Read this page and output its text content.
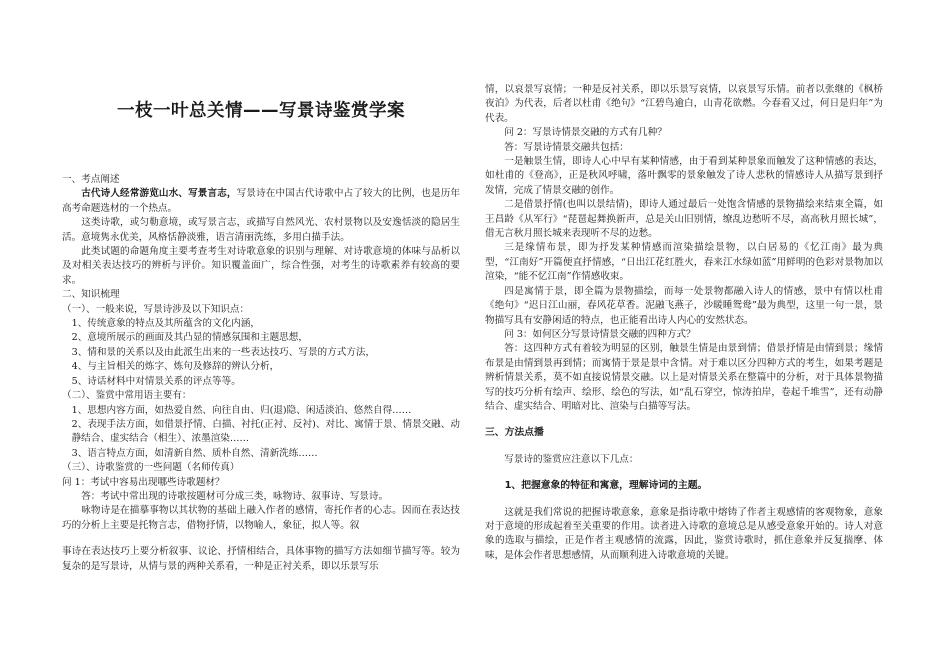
一枝一叶总关情——写景诗鉴赏学案

一、考点阐述

古代诗人经常游览山水、写景言志，写景诗在中国古代诗歌中占了较大的比例，也是历年高考命题选材的一个热点。

这类诗歌，或匀勒意境，或写景言志，或描写自然风光、农村景物以及安逸恬淡的隐居生活。意境隽永优美，风格恬静淡雅，语言清丽洗练，多用白描手法。

此类试题的命题角度主要考查考生对诗歌意象的识别与理解、对诗歌意境的体味与品析以及对相关表达技巧的辨析与评价。知识覆盖面广，综合性强，对考生的诗歌素养有较高的要求。

二、知识梳理

（一）、一般来说，写景诗涉及以下知识点：

1、传统意象的特点及其所蕴含的文化内涵，

2、意境所展示的画面及其凸显的情感氛围和主题思想，

3、情和景的关系以及由此派生出来的一些表达技巧、写景的方式方法，

4、与主旨相关的炼字、炼句及修辞的辨认分析，

5、诗话材料中对情景关系的评点等等。

（二）、鉴赏中常用语主要有：

1、思想内容方面，如热爱自然、向往自由、归(退)隐、闲适淡泊、悠然自得……

2、表现手法方面，如借景抒情、白描、衬托(正衬、反衬)、对比、寓情于景、情景交融、动静结合、虚实结合（相生）、浓墨渲染……

3、语言特点方面，如清新自然、质朴自然、清新洗练……

（三）、诗歌鉴赏的一些问题（名师传真）

问 1：考试中容易出现哪些诗歌题材？

答：考试中常出现的诗歌按题材可分成三类，咏物诗、叙事诗、写景诗。

咏物诗是在描摹事物以其状物的基础上融入作者的感情，寄托作者的心志。因而在表达技巧的分析上主要是托物言志，借物抒情，以物喻人，象征，拟人等。叙

事诗在表达技巧上要分析叙事、议论、抒情相结合，具体事物的描写方法如细节描写等。较为复杂的是写景诗，从情与景的两种关系看，一种是正衬关系，即以乐景写乐

情，以哀景写哀情；一种是反衬关系，即以乐景写哀情，以哀景写乐情。前者以张继的《枫桥夜泊》为代表，后者以杜甫《绝句》“江碧鸟逾白，山青花欲燃。今春看又过，何日是归年”为代表。

问 2：写景诗情景交融的方式有几种？

答：写景诗情景交融共包括：

一是触景生情，即诗人心中早有某种情感，由于看到某种景象而触发了这种情感的表达，如杜甫的《登高》，正是秋风呼啸，落叶飘零的景象触发了诗人悲秋的情感诗人从描写景到抒发情，完成了情景交融的创作。

二是借景抒情(也叫以景结情)，即诗人通过最后一处饱含情感的景物描绘来结束全篇，如王昌龄《从军行》“琵琶起舞换新声，总是关山旧别情，缭乱边愁听不尽，高高秋月照长城”，借无言秋月照长城来表现听不尽的边愁。

三是缘情布景，即为抒发某种情感而渲染描绘景物，以白居易的《忆江南》最为典型，“江南好”开篇便直抒情感，“日出江花红胜火，春来江水绿如蓝”用鲜明的色彩对景物加以渲染，“能不忆江南”作情感收束。

四是寓情于景，即全篇为景物描绘，而每一处景物都融入诗人的情感，景中有情以杜甫《绝句》“迟日江山丽，春风花草香。泥融飞燕子，沙暖睡鸳鸯”最为典型，这里一句一景，景物描写具有安静闲适的特点，也正能看出诗人内心的安然状态。

问 3：如何区分写景诗情景交融的四种方式？

答：这四种方式有着较为明显的区别，触景生情是由景到情；借景抒情是由情到景；缘情布景是由情到景再到情；而寓情于景是景中含情。对于难以区分四种方式的考生，如果考题是辨析情景关系，莫不如直接说情景交融。以上是对情景关系在整篇中的分析，对于具体景物描写的技巧分析有绘声、绘形、绘色的写法，如“乱石穿空，惊涛拍岸，卷起千堆雪”，还有动静结合、虚实结合、明暗对比、渲染与白描等写法。

三、方法点播

写景诗的鉴赏应注意以下几点：

1、把握意象的特征和寓意，理解诗词的主题。

这就是我们常说的把握诗歌意象，意象是指诗歌中熔铸了作者主观感情的客观物象，意象对于意境的形成起着至关重要的作用。读者进入诗歌的意境总是从感受意象开始的。诗人对意象的选取与描绘，正是作者主观感情的流露，因此，鉴赏诗歌时，抓住意象并反复揣摩、体味，是体会作者思想感情，从而顺利进入诗歌意境的关键。
